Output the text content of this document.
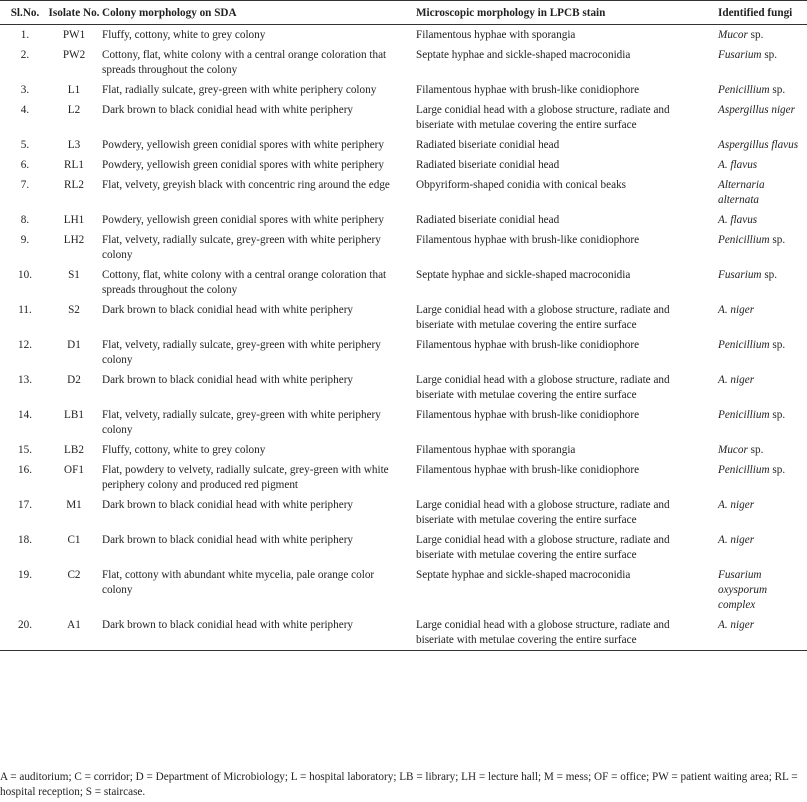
Sl.No.	Isolate No.	Colony morphology on SDA	Microscopic morphology in LPCB stain	Identified fungi
1.	PW1	Fluffy, cottony, white to grey colony	Filamentous hyphae with sporangia	Mucor sp.
2.	PW2	Cottony, flat, white colony with a central orange coloration that spreads throughout the colony	Septate hyphae and sickle-shaped macroconidia	Fusarium sp.
3.	L1	Flat, radially sulcate, grey-green with white periphery colony	Filamentous hyphae with brush-like conidiophore	Penicillium sp.
4.	L2	Dark brown to black conidial head with white periphery	Large conidial head with a globose structure, radiate and biseriate with metulae covering the entire surface	Aspergillus niger
5.	L3	Powdery, yellowish green conidial spores with white periphery	Radiated biseriate conidial head	Aspergillus flavus
6.	RL1	Powdery, yellowish green conidial spores with white periphery	Radiated biseriate conidial head	A. flavus
7.	RL2	Flat, velvety, greyish black with concentric ring around the edge	Obpyriform-shaped conidia with conical beaks	Alternaria alternata
8.	LH1	Powdery, yellowish green conidial spores with white periphery	Radiated biseriate conidial head	A. flavus
9.	LH2	Flat, velvety, radially sulcate, grey-green with white periphery colony	Filamentous hyphae with brush-like conidiophore	Penicillium sp.
10.	S1	Cottony, flat, white colony with a central orange coloration that spreads throughout the colony	Septate hyphae and sickle-shaped macroconidia	Fusarium sp.
11.	S2	Dark brown to black conidial head with white periphery	Large conidial head with a globose structure, radiate and biseriate with metulae covering the entire surface	A. niger
12.	D1	Flat, velvety, radially sulcate, grey-green with white periphery colony	Filamentous hyphae with brush-like conidiophore	Penicillium sp.
13.	D2	Dark brown to black conidial head with white periphery	Large conidial head with a globose structure, radiate and biseriate with metulae covering the entire surface	A. niger
14.	LB1	Flat, velvety, radially sulcate, grey-green with white periphery colony	Filamentous hyphae with brush-like conidiophore	Penicillium sp.
15.	LB2	Fluffy, cottony, white to grey colony	Filamentous hyphae with sporangia	Mucor sp.
16.	OF1	Flat, powdery to velvety, radially sulcate, grey-green with white periphery colony and produced red pigment	Filamentous hyphae with brush-like conidiophore	Penicillium sp.
17.	M1	Dark brown to black conidial head with white periphery	Large conidial head with a globose structure, radiate and biseriate with metulae covering the entire surface	A. niger
18.	C1	Dark brown to black conidial head with white periphery	Large conidial head with a globose structure, radiate and biseriate with metulae covering the entire surface	A. niger
19.	C2	Flat, cottony with abundant white mycelia, pale orange color colony	Septate hyphae and sickle-shaped macroconidia	Fusarium oxysporum complex
20.	A1	Dark brown to black conidial head with white periphery	Large conidial head with a globose structure, radiate and biseriate with metulae covering the entire surface	A. niger
A = auditorium; C = corridor; D = Department of Microbiology; L = hospital laboratory; LB = library; LH = lecture hall; M = mess; OF = office; PW = patient waiting area; RL = hospital reception; S = staircase.
